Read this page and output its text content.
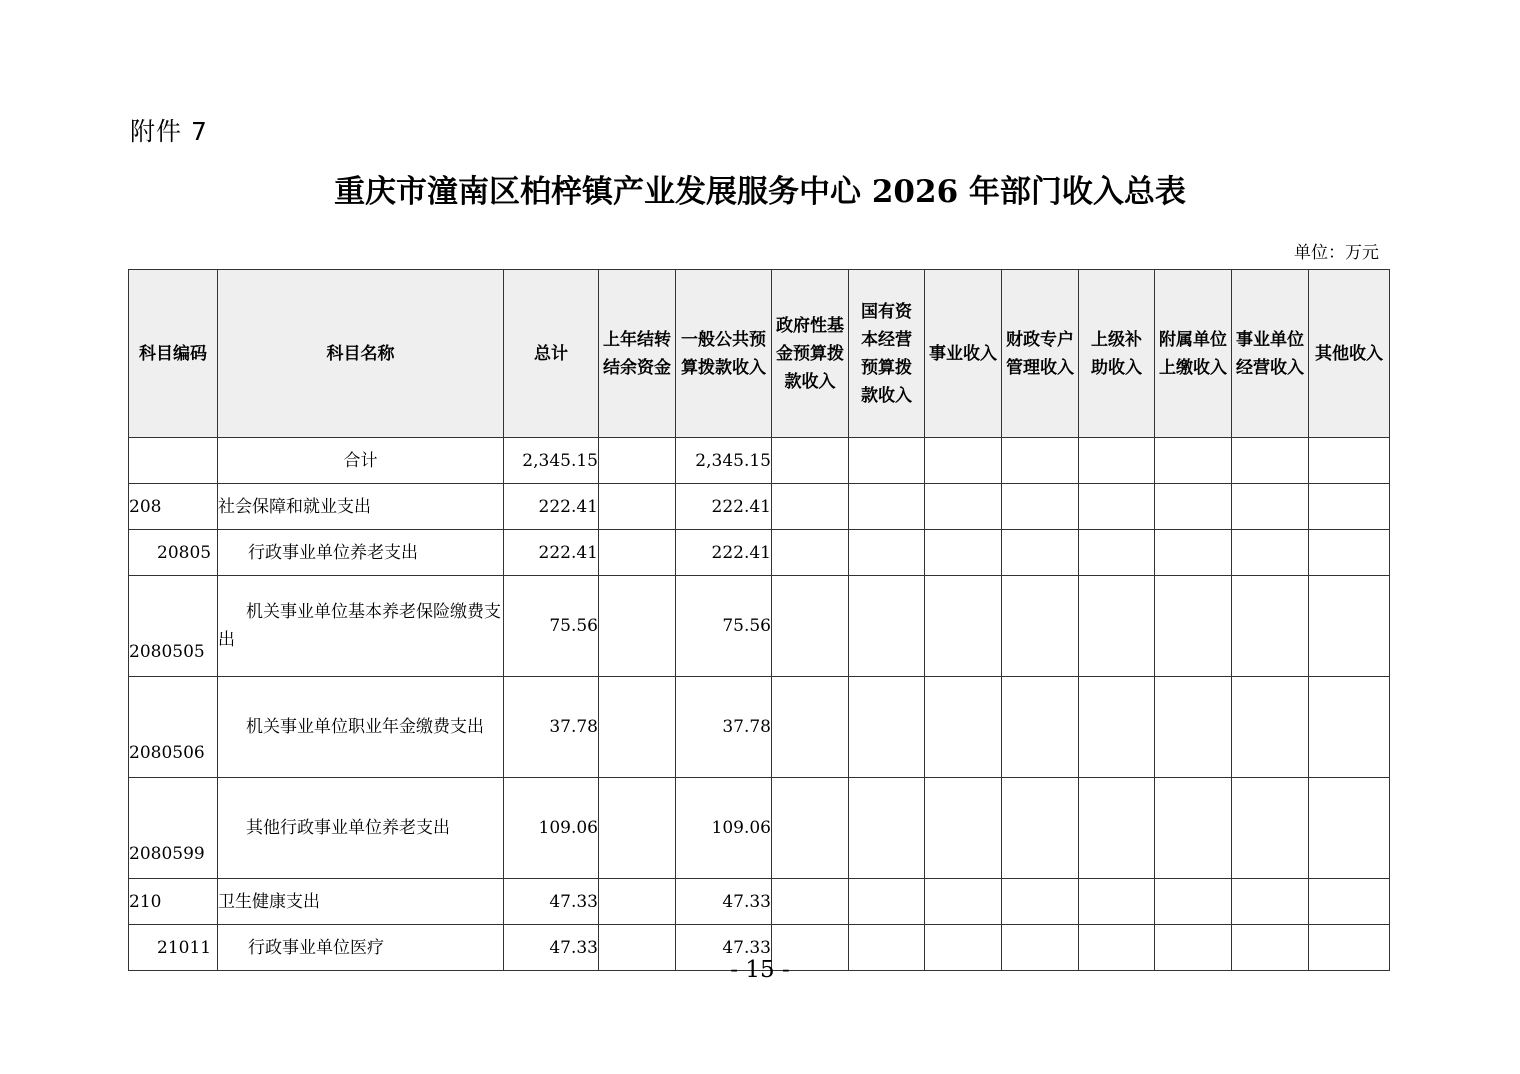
附件 7
重庆市潼南区柏梓镇产业发展服务中心 2026 年部门收入总表
单位：万元
科目编码	科目名称	总计	上年结转结余资金	一般公共预算拨款收入	政府性基金预算拨款收入	国有资本经营预算拨款收入	事业收入	财政专户管理收入	上级补助收入	附属单位上缴收入	事业单位经营收入	其他收入
	合计	2,345.15		2,345.15								
208	社会保障和就业支出	222.41		222.41								
20805	行政事业单位养老支出	222.41		222.41								
2080505	机关事业单位基本养老保险缴费支出	75.56		75.56								
2080506	机关事业单位职业年金缴费支出	37.78		37.78								
2080599	其他行政事业单位养老支出	109.06		109.06								
210	卫生健康支出	47.33		47.33								
21011	行政事业单位医疗	47.33		47.33								
- 15 -
